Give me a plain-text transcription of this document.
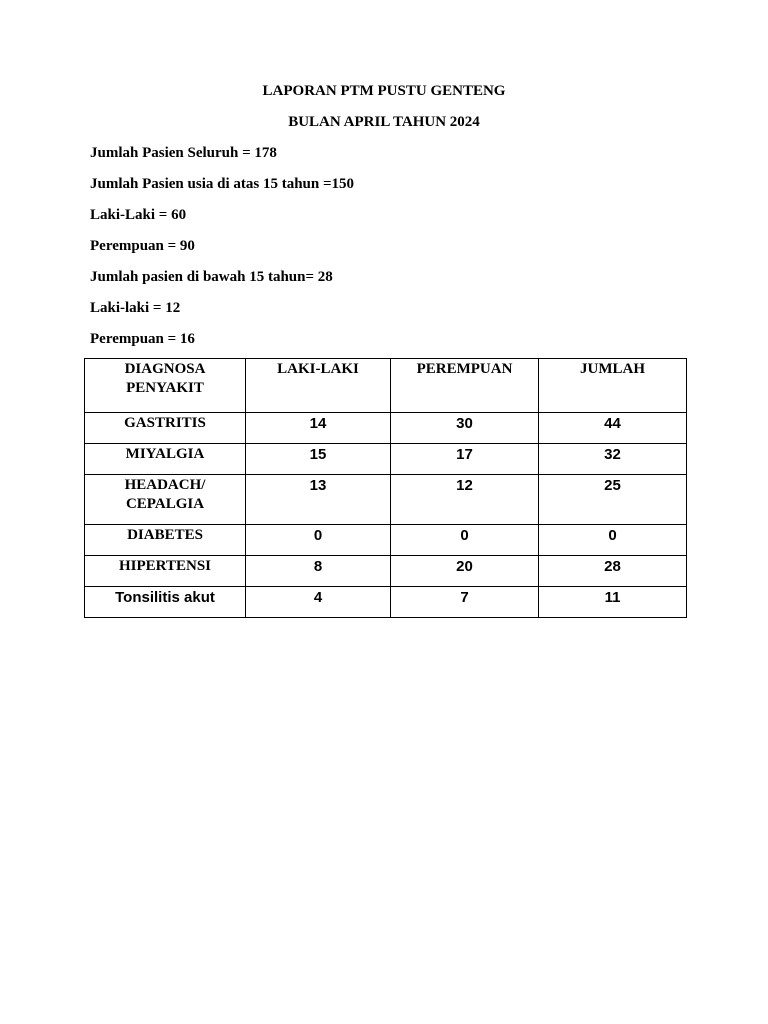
LAPORAN PTM PUSTU GENTENG
BULAN APRIL TAHUN 2024
Jumlah Pasien Seluruh = 178
Jumlah Pasien usia di atas 15 tahun =150
Laki-Laki = 60
Perempuan = 90
Jumlah pasien di bawah 15 tahun= 28
Laki-laki = 12
Perempuan = 16
DIAGNOSA
PENYAKIT	LAKI-LAKI	PEREMPUAN	JUMLAH
GASTRITIS	14	30	44
MIYALGIA	15	17	32

HEADACH/
CEPALGIA	13	12	25
DIABETES	0	0	0
HIPERTENSI	8	20	28
Tonsilitis akut	4	7	11
